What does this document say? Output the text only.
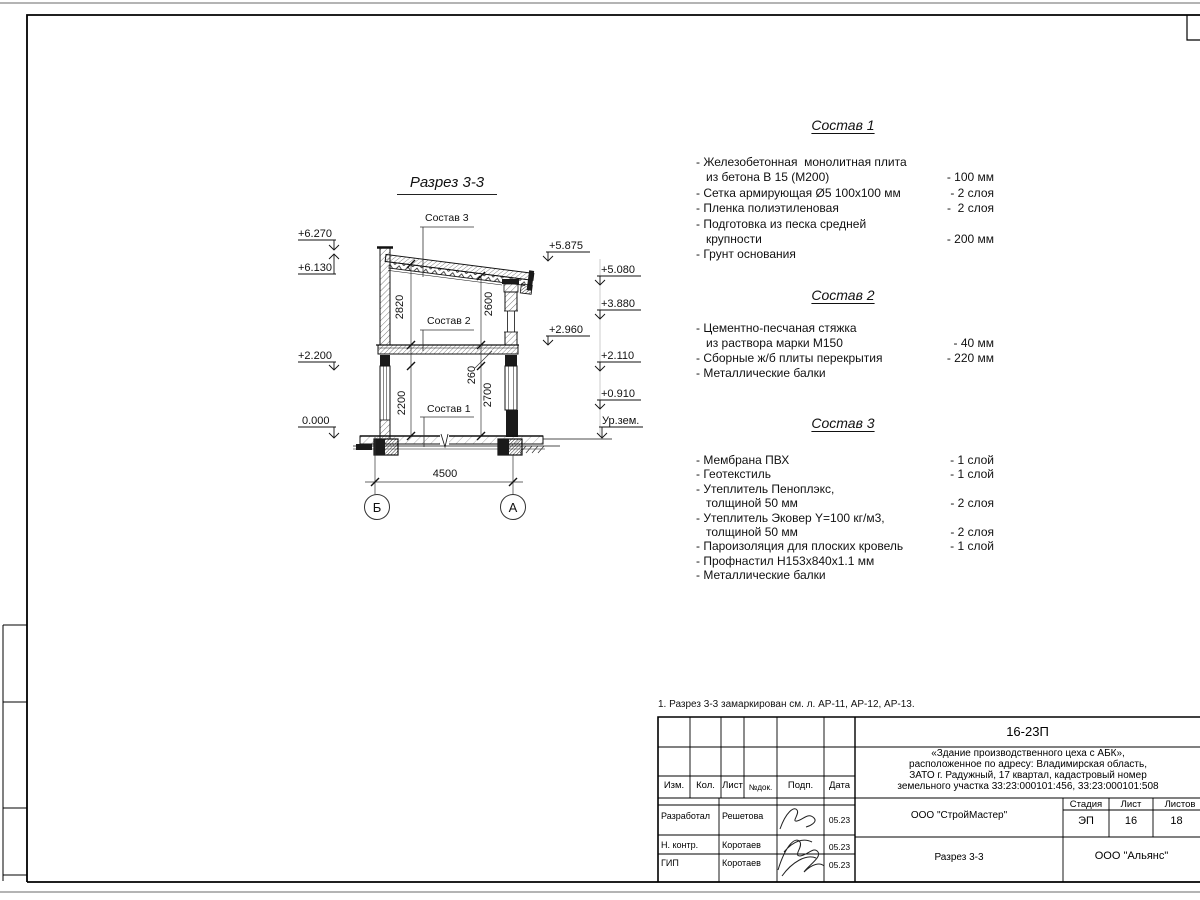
Разрез 3-3
Состав 3
Состав 2
Состав 1
+6.270
+6.130
+2.200
0.000
+5.875
+5.080
+3.880
+2.960
+2.110
+0.910
Ур.зем.
2820	2600
260
2200	2700
4500
Б	А
Состав 1
- Железобетонная  монолитная плита
из бетона В 15 (М200)	- 100 мм
- Сетка армирующая Ø5 100х100 мм	- 2 слоя
- Пленка полиэтиленовая	-  2 слоя
- Подготовка из песка средней
крупности	- 200 мм
- Грунт основания
Состав 2
- Цементно-песчаная стяжка
из раствора марки М150	- 40 мм
- Сборные ж/б плиты перекрытия	- 220 мм
- Металлические балки
Состав 3
- Мембрана ПВХ	- 1 слой
- Геотекстиль	- 1 слой
- Утеплитель Пеноплэкс,
толщиной 50 мм	- 2 слоя
- Утеплитель Эковер Y=100 кг/м3,
толщиной 50 мм	- 2 слоя
- Пароизоляция для плоских кровель	- 1 слой
- Профнастил Н153х840х1.1 мм
- Металлические балки
1. Разрез 3-3 замаркирован см. л. АР-11, АР-12, АР-13.
16-23П
«Здание производственного цеха с АБК»,
расположенное по адресу: Владимирская область,
ЗАТО г. Радужный, 17 квартал, кадастровый номер
земельного участка 33:23:000101:456, 33:23:000101:508
Изм.	Кол. Лист №док.	Подп.	Дата
Разработал Решетова	05.23
Н. контр.	Коротаев	05.23
ГИП	Коротаев	05.23
Стадия	Лист	Листов
ЭП	16	18
ООО "СтройМастер"
Разрез 3-3	ООО "Альянс"
